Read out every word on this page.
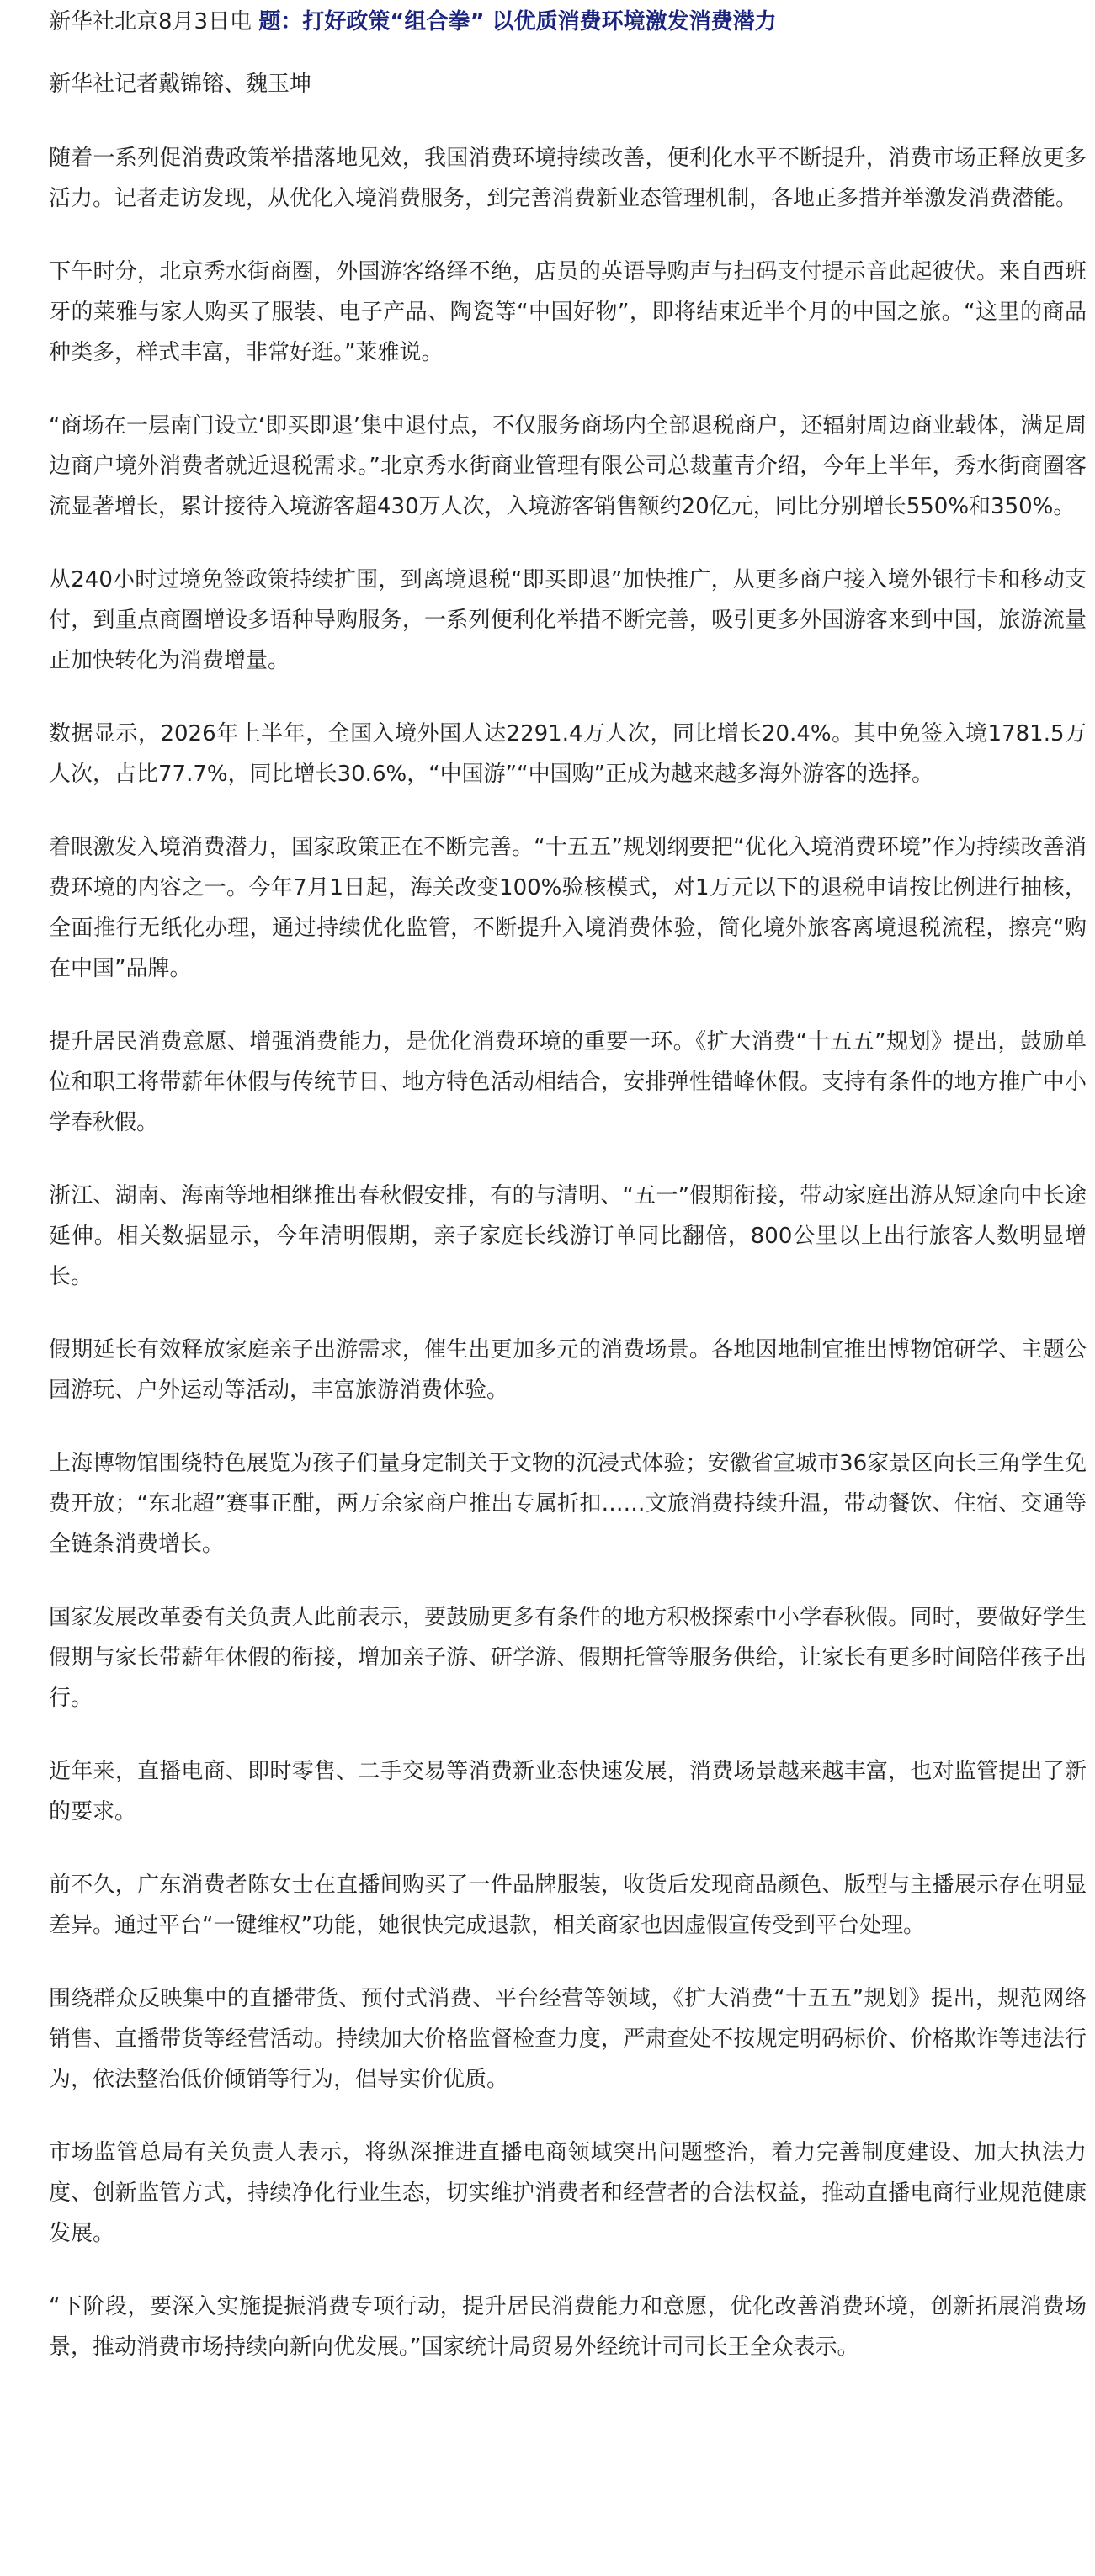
新华社北京8月3日电 题：打好政策“组合拳” 以优质消费环境激发消费潜力
新华社记者戴锦镕、魏玉坤

随着一系列促消费政策举措落地见效，我国消费环境持续改善，便利化水平不断提升，消费市场正释放更多活力。记者走访发现，从优化入境消费服务，到完善消费新业态管理机制，各地正多措并举激发消费潜能。

下午时分，北京秀水街商圈，外国游客络绎不绝，店员的英语导购声与扫码支付提示音此起彼伏。来自西班牙的莱雅与家人购买了服装、电子产品、陶瓷等“中国好物”，即将结束近半个月的中国之旅。“这里的商品种类多，样式丰富，非常好逛。”莱雅说。

“商场在一层南门设立‘即买即退’集中退付点，不仅服务商场内全部退税商户，还辐射周边商业载体，满足周边商户境外消费者就近退税需求。”北京秀水街商业管理有限公司总裁董青介绍，今年上半年，秀水街商圈客流显著增长，累计接待入境游客超430万人次，入境游客销售额约20亿元，同比分别增长550%和350%。

从240小时过境免签政策持续扩围，到离境退税“即买即退”加快推广，从更多商户接入境外银行卡和移动支付，到重点商圈增设多语种导购服务，一系列便利化举措不断完善，吸引更多外国游客来到中国，旅游流量正加快转化为消费增量。

数据显示，2026年上半年，全国入境外国人达2291.4万人次，同比增长20.4%。其中免签入境1781.5万人次，占比77.7%，同比增长30.6%，“中国游”“中国购”正成为越来越多海外游客的选择。

着眼激发入境消费潜力，国家政策正在不断完善。“十五五”规划纲要把“优化入境消费环境”作为持续改善消费环境的内容之一。今年7月1日起，海关改变100%验核模式，对1万元以下的退税申请按比例进行抽核，全面推行无纸化办理，通过持续优化监管，不断提升入境消费体验，简化境外旅客离境退税流程，擦亮“购在中国”品牌。

提升居民消费意愿、增强消费能力，是优化消费环境的重要一环。《扩大消费“十五五”规划》提出，鼓励单位和职工将带薪年休假与传统节日、地方特色活动相结合，安排弹性错峰休假。支持有条件的地方推广中小学春秋假。

浙江、湖南、海南等地相继推出春秋假安排，有的与清明、“五一”假期衔接，带动家庭出游从短途向中长途延伸。相关数据显示，今年清明假期，亲子家庭长线游订单同比翻倍，800公里以上出行旅客人数明显增长。

假期延长有效释放家庭亲子出游需求，催生出更加多元的消费场景。各地因地制宜推出博物馆研学、主题公园游玩、户外运动等活动，丰富旅游消费体验。

上海博物馆围绕特色展览为孩子们量身定制关于文物的沉浸式体验；安徽省宣城市36家景区向长三角学生免费开放；“东北超”赛事正酣，两万余家商户推出专属折扣……文旅消费持续升温，带动餐饮、住宿、交通等全链条消费增长。

国家发展改革委有关负责人此前表示，要鼓励更多有条件的地方积极探索中小学春秋假。同时，要做好学生假期与家长带薪年休假的衔接，增加亲子游、研学游、假期托管等服务供给，让家长有更多时间陪伴孩子出行。

近年来，直播电商、即时零售、二手交易等消费新业态快速发展，消费场景越来越丰富，也对监管提出了新的要求。

前不久，广东消费者陈女士在直播间购买了一件品牌服装，收货后发现商品颜色、版型与主播展示存在明显差异。通过平台“一键维权”功能，她很快完成退款，相关商家也因虚假宣传受到平台处理。

围绕群众反映集中的直播带货、预付式消费、平台经营等领域，《扩大消费“十五五”规划》提出，规范网络销售、直播带货等经营活动。持续加大价格监督检查力度，严肃查处不按规定明码标价、价格欺诈等违法行为，依法整治低价倾销等行为，倡导实价优质。

市场监管总局有关负责人表示，将纵深推进直播电商领域突出问题整治，着力完善制度建设、加大执法力度、创新监管方式，持续净化行业生态，切实维护消费者和经营者的合法权益，推动直播电商行业规范健康发展。

“下阶段，要深入实施提振消费专项行动，提升居民消费能力和意愿，优化改善消费环境，创新拓展消费场景，推动消费市场持续向新向优发展。”国家统计局贸易外经统计司司长王全众表示。
